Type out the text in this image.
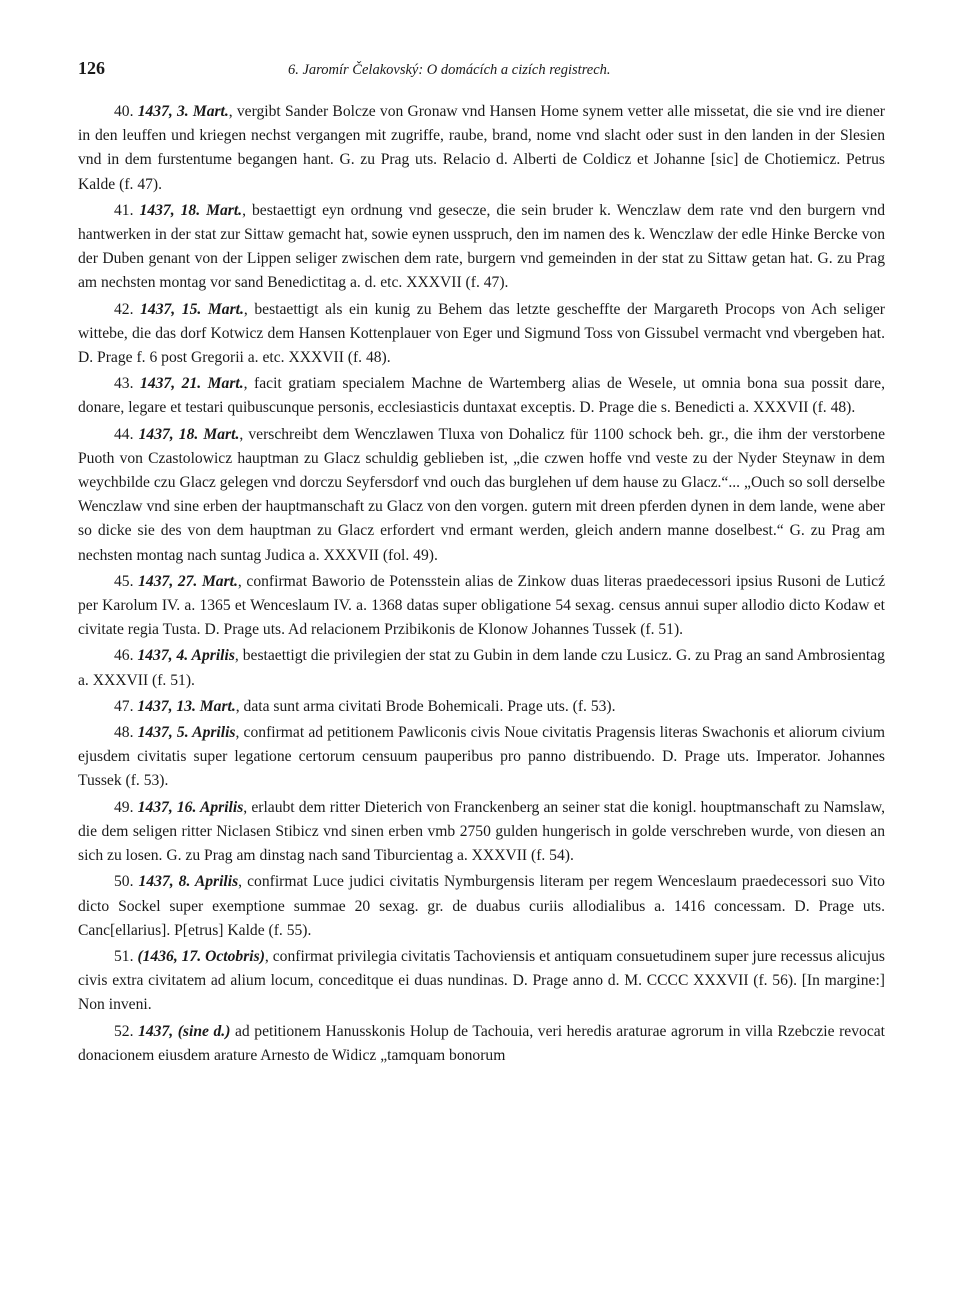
126	6. Jaromír Čelakovský: O domácích a cizích registrech.

40. 1437, 3. Mart., vergibt Sander Bolcze von Gronaw vnd Hansen Home synem vetter alle missetat, die sie vnd ire diener in den leuffen und kriegen nechst vergangen mit zugriffe, raube, brand, nome vnd slacht oder sust in den landen in der Slesien vnd in dem furstentume begangen hant. G. zu Prag uts. Relacio d. Alberti de Coldicz et Johanne [sic] de Chotiemicz. Petrus Kalde (f. 47).

41. 1437, 18. Mart., bestaettigt eyn ordnung vnd gesecze, die sein bruder k. Wenczlaw dem rate vnd den burgern vnd hantwerken in der stat zur Sittaw gemacht hat, sowie eynen usspruch, den im namen des k. Wenczlaw der edle Hinke Bercke von der Duben genant von der Lippen seliger zwischen dem rate, burgern vnd gemeinden in der stat zu Sittaw getan hat. G. zu Prag am nechsten montag vor sand Benedictitag a. d. etc. XXXVII (f. 47).

42. 1437, 15. Mart., bestaettigt als ein kunig zu Behem das letzte gescheffte der Margareth Procops von Ach seliger wittebe, die das dorf Kotwicz dem Hansen Kottenplauer von Eger und Sigmund Toss von Gissubel vermacht vnd vbergeben hat. D. Prage f. 6 post Gregorii a. etc. XXXVII (f. 48).

43. 1437, 21. Mart., facit gratiam specialem Machne de Wartemberg alias de Wesele, ut omnia bona sua possit dare, donare, legare et testari quibuscunque personis, ecclesiasticis duntaxat exceptis. D. Prage die s. Benedicti a. XXXVII (f. 48).

44. 1437, 18. Mart., verschreibt dem Wenczlawen Tluxa von Dohalicz für 1100 schock beh. gr., die ihm der verstorbene Puoth von Czastolowicz hauptman zu Glacz schuldig geblieben ist, „die czwen hoffe vnd veste zu der Nyder Steynaw in dem weychbilde czu Glacz gelegen vnd dorczu Seyfersdorf vnd ouch das burglehen uf dem hause zu Glacz.“... „Ouch so soll derselbe Wenczlaw vnd sine erben der hauptmanschaft zu Glacz von den vorgen. gutern mit dreen pferden dynen in dem lande, wene aber so dicke sie des von dem hauptman zu Glacz erfordert vnd ermant werden, gleich andern manne doselbest.“ G. zu Prag am nechsten montag nach suntag Judica a. XXXVII (fol. 49).

45. 1437, 27. Mart., confirmat Baworio de Potensstein alias de Zinkow duas literas praedecessori ipsius Rusoni de Luticź per Karolum IV. a. 1365 et Wenceslaum IV. a. 1368 datas super obligatione 54 sexag. census annui super allodio dicto Kodaw et civitate regia Tusta. D. Prage uts. Ad relacionem Przibikonis de Klonow Johannes Tussek (f. 51).

46. 1437, 4. Aprilis, bestaettigt die privilegien der stat zu Gubin in dem lande czu Lusicz. G. zu Prag an sand Ambrosientag a. XXXVII (f. 51).

47. 1437, 13. Mart., data sunt arma civitati Brode Bohemicali. Prage uts. (f. 53).

48. 1437, 5. Aprilis, confirmat ad petitionem Pawliconis civis Noue civitatis Pragensis literas Swachonis et aliorum civium ejusdem civitatis super legatione certorum censuum pauperibus pro panno distribuendo. D. Prage uts. Imperator. Johannes Tussek (f. 53).

49. 1437, 16. Aprilis, erlaubt dem ritter Dieterich von Franckenberg an seiner stat die konigl. houptmanschaft zu Namslaw, die dem seligen ritter Niclasen Stibicz vnd sinen erben vmb 2750 gulden hungerisch in golde verschreben wurde, von diesen an sich zu losen. G. zu Prag am dinstag nach sand Tiburcientag a. XXXVII (f. 54).

50. 1437, 8. Aprilis, confirmat Luce judici civitatis Nymburgensis literam per regem Wenceslaum praedecessori suo Vito dicto Sockel super exemptione summae 20 sexag. gr. de duabus curiis allodialibus a. 1416 concessam. D. Prage uts. Canc[ellarius]. P[etrus] Kalde (f. 55).

51. (1436, 17. Octobris), confirmat privilegia civitatis Tachoviensis et antiquam consuetudinem super jure recessus alicujus civis extra civitatem ad alium locum, conceditque ei duas nundinas. D. Prage anno d. M. CCCC XXXVII (f. 56). [In margine:] Non inveni.

52. 1437, (sine d.) ad petitionem Hanusskonis Holup de Tachouia, veri heredis araturae agrorum in villa Rzebczie revocat donacionem eiusdem arature Arnesto de Widicz „tamquam bonorum
